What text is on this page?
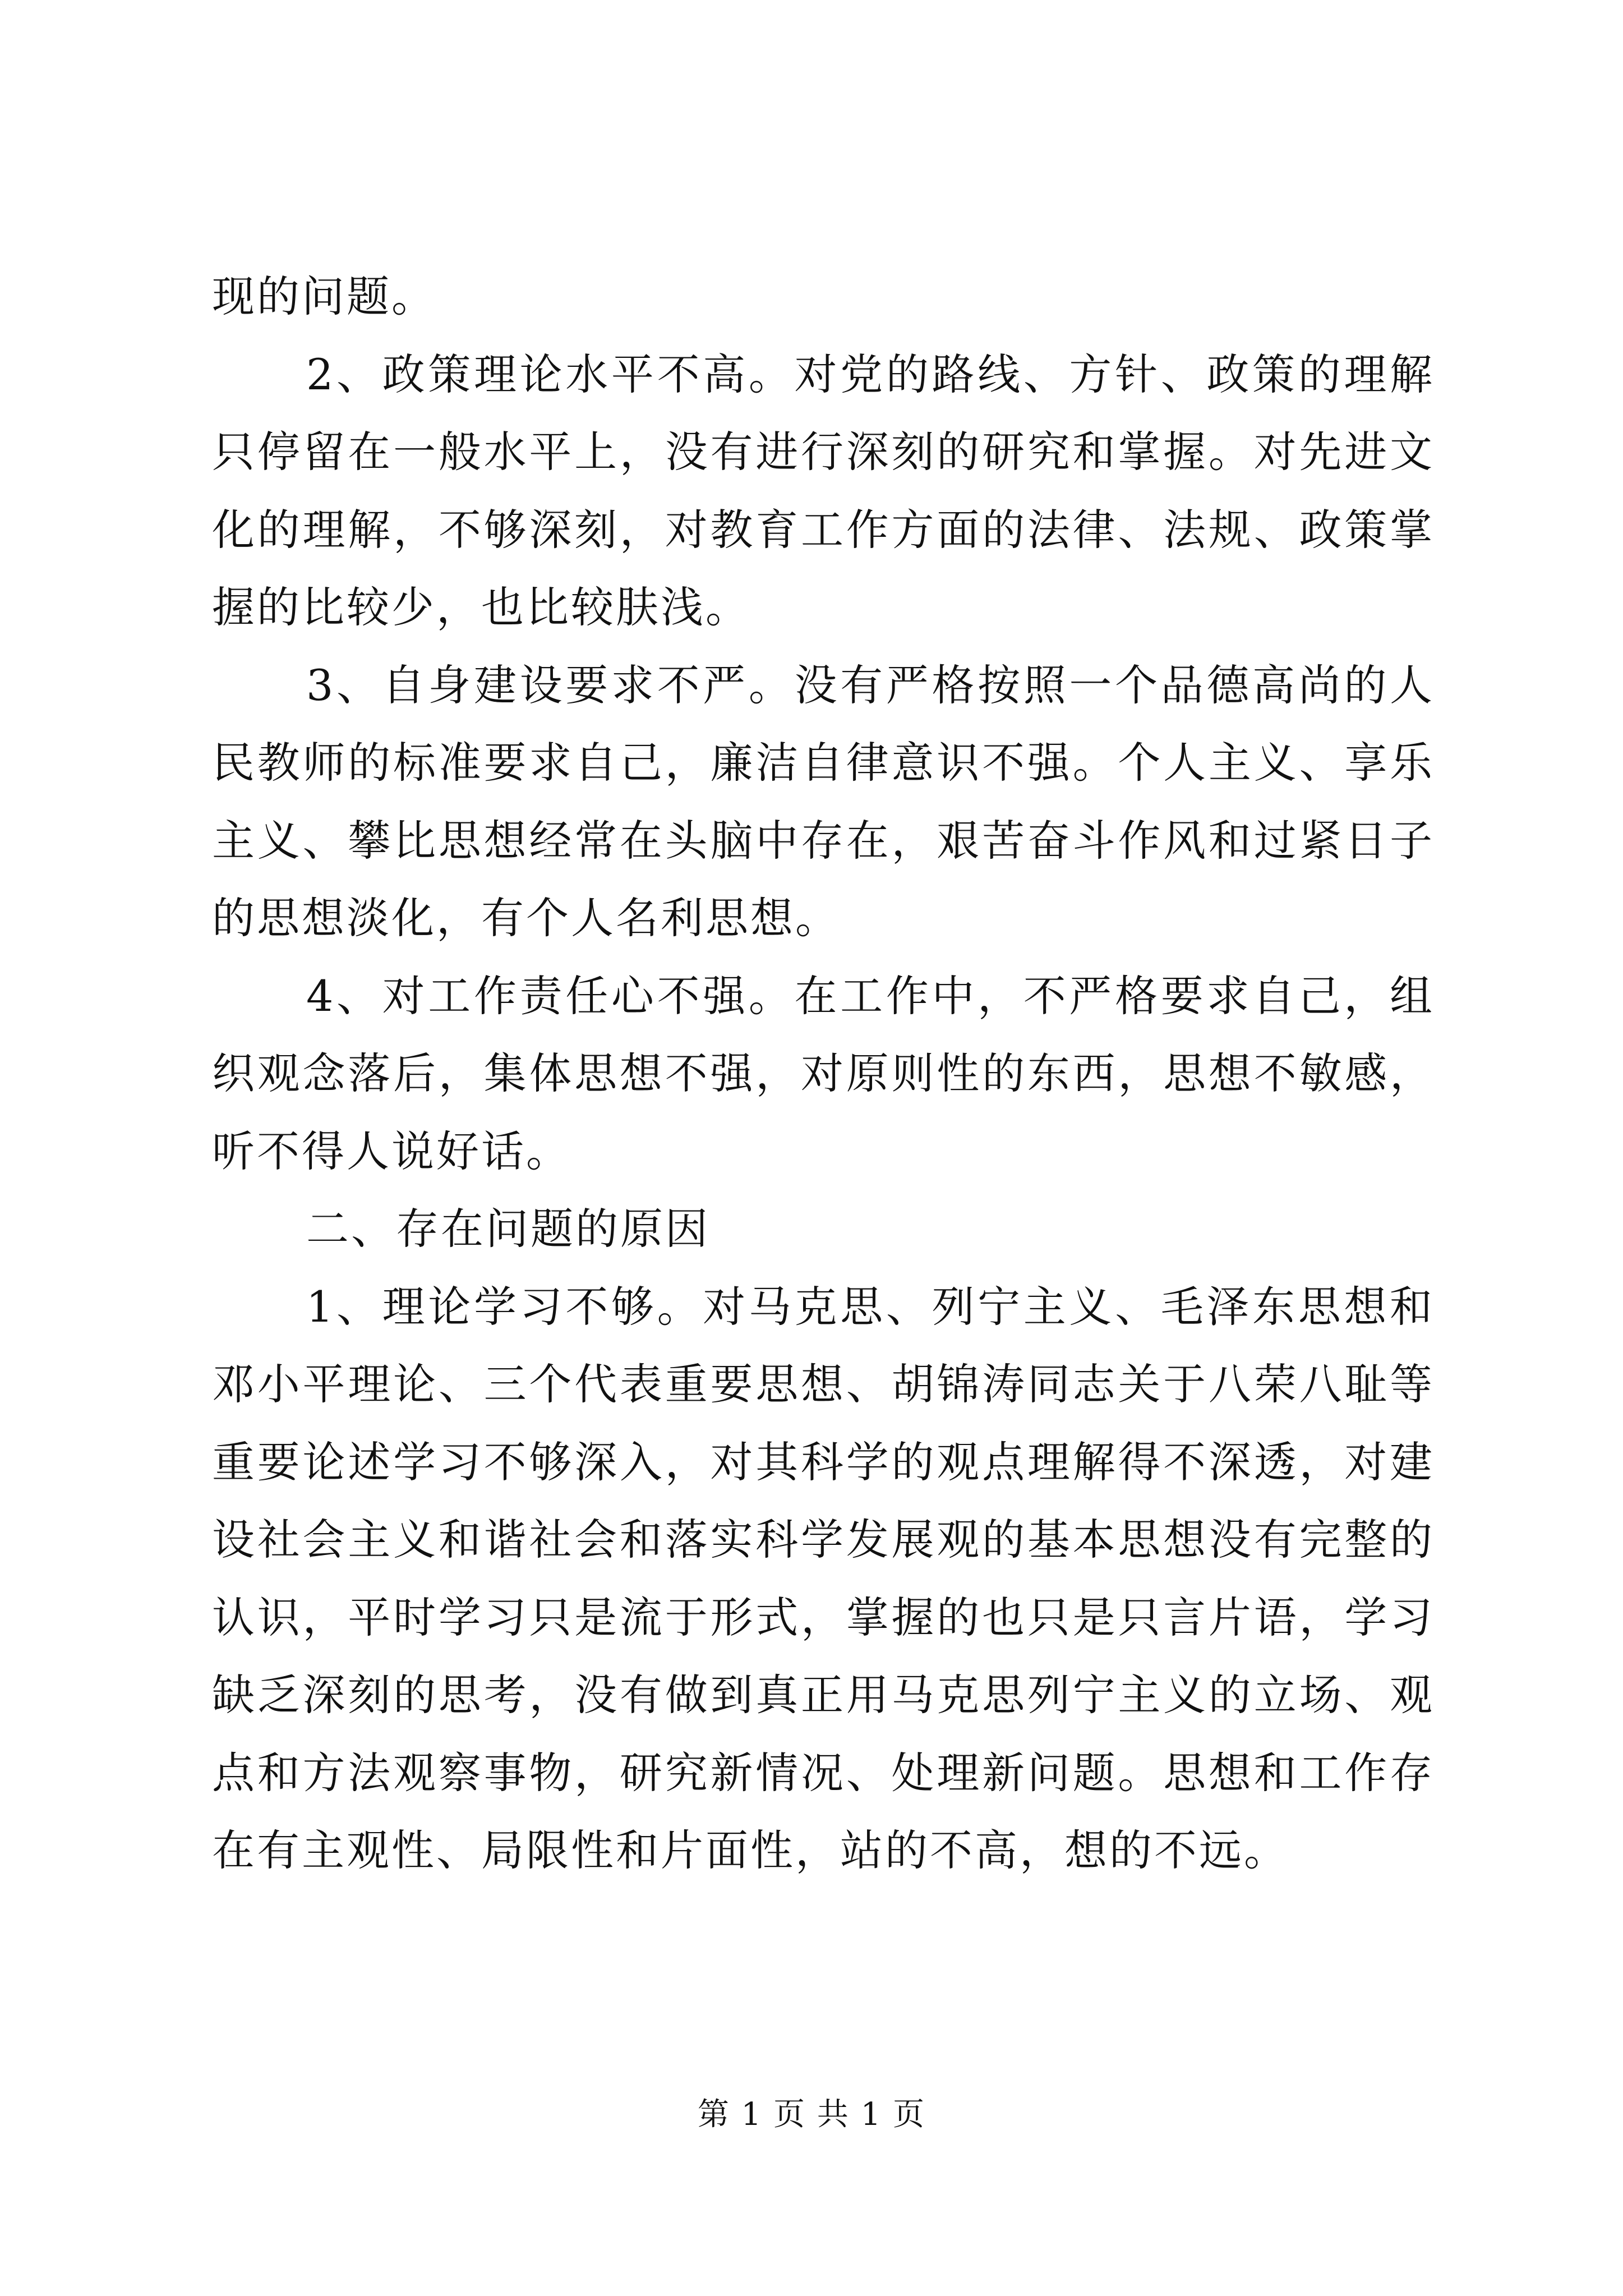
现的问题。

2、政策理论水平不高。对党的路线、方针、政策的理解只停留在一般水平上，没有进行深刻的研究和掌握。对先进文化的理解，不够深刻，对教育工作方面的法律、法规、政策掌握的比较少，也比较肤浅。

3、自身建设要求不严。没有严格按照一个品德高尚的人民教师的标准要求自己，廉洁自律意识不强。个人主义、享乐主义、攀比思想经常在头脑中存在，艰苦奋斗作风和过紧日子的思想淡化，有个人名利思想。

4、对工作责任心不强。在工作中，不严格要求自己，组织观念落后，集体思想不强，对原则性的东西，思想不敏感，听不得人说好话。

二、存在问题的原因

1、理论学习不够。对马克思、列宁主义、毛泽东思想和邓小平理论、三个代表重要思想、胡锦涛同志关于八荣八耻等重要论述学习不够深入，对其科学的观点理解得不深透，对建设社会主义和谐社会和落实科学发展观的基本思想没有完整的认识，平时学习只是流于形式，掌握的也只是只言片语，学习缺乏深刻的思考，没有做到真正用马克思列宁主义的立场、观点和方法观察事物，研究新情况、处理新问题。思想和工作存在有主观性、局限性和片面性，站的不高，想的不远。

第 1 页 共 1 页
